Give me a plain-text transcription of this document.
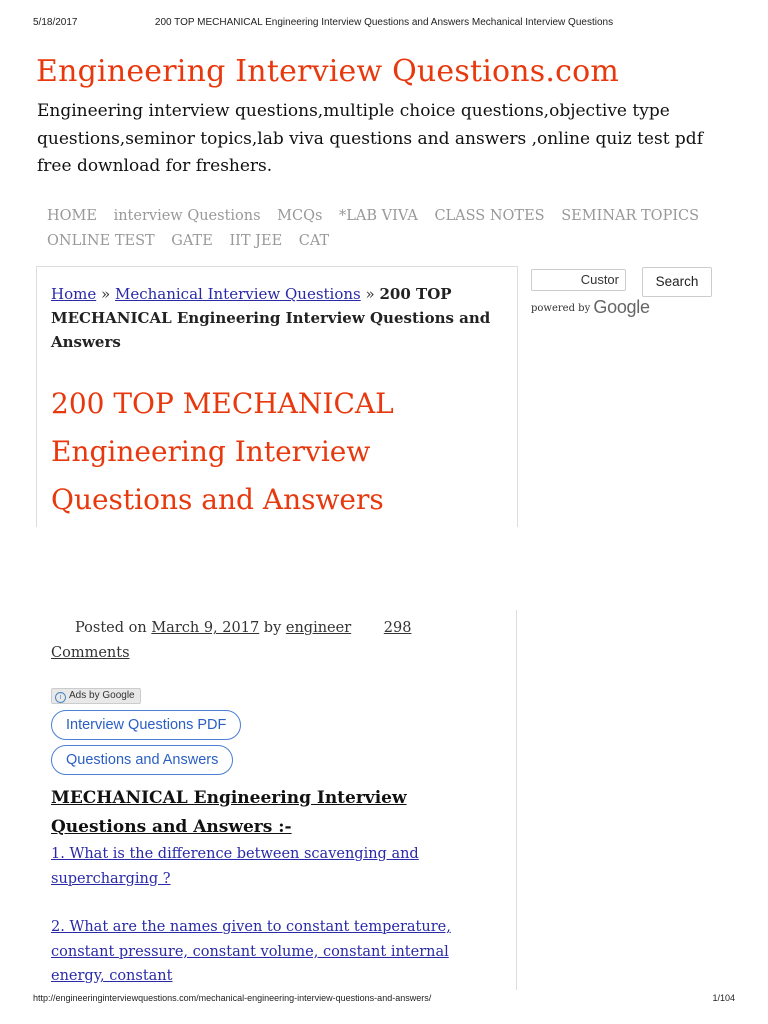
5/18/2017	200 TOP MECHANICAL Engineering Interview Questions and Answers Mechanical Interview Questions
Engineering Interview Questions.com

Engineering interview questions,multiple choice questions,objective type questions,seminor topics,lab viva questions and answers ,online quiz test pdf free download for freshers.

HOME interview Questions MCQs *LAB VIVA CLASS NOTES SEMINAR TOPICS ONLINE TEST GATE IIT JEE CAT
Home » Mechanical Interview Questions » 200 TOP MECHANICAL Engineering Interview Questions and Answers
200 TOP MECHANICAL Engineering Interview Questions and Answers
Posted on March 9, 2017 by engineer 298
Comments
i Ads by Google
Interview Questions PDF
Questions and Answers
MECHANICAL Engineering Interview Questions and Answers :-
1. What is the difference between scavenging and supercharging ?
2. What are the names given to constant temperature, constant pressure, constant volume, constant internal energy, constant
Custor	Search
powered by Google
http://engineeringinterviewquestions.com/mechanical-engineering-interview-questions-and-answers/	1/104
